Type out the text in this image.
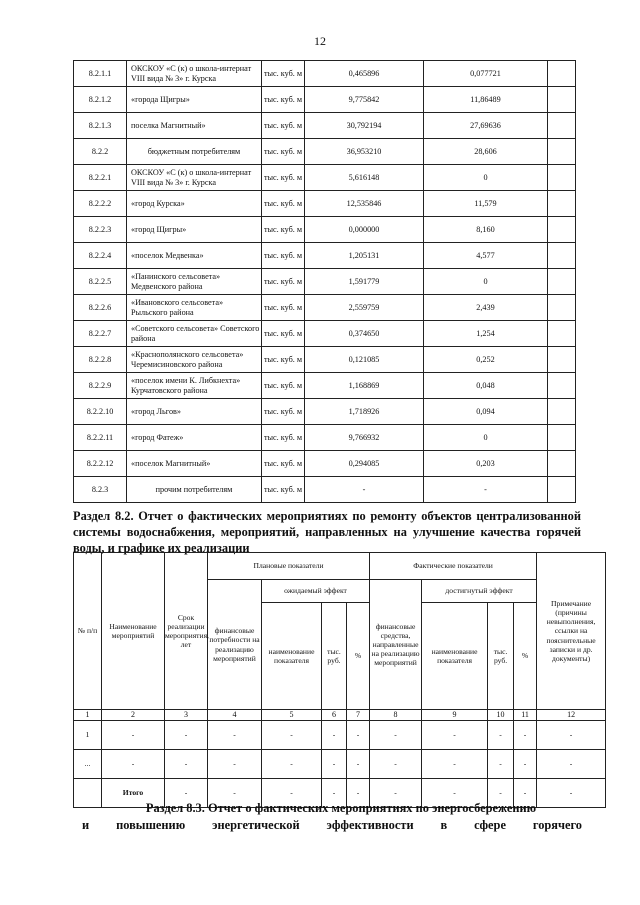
12
8.2.1.1	ОКСКОУ «С (к) о школа-интернат VIII вида № 3» г. Курска	тыс. куб. м	0,465896	0,077721	
8.2.1.2	«города Щигры»	тыс. куб. м	9,775842	11,86489	
8.2.1.3	поселка Магнитный»	тыс. куб. м	30,792194	27,69636	
8.2.2	бюджетным потребителям	тыс. куб. м	36,953210	28,606	
8.2.2.1	ОКСКОУ «С (к) о школа-интернат VIII вида № 3» г. Курска	тыс. куб. м	5,616148	0	
8.2.2.2	«город Курска»	тыс. куб. м	12,535846	11,579	
8.2.2.3	«город Щигры»	тыс. куб. м	0,000000	8,160	
8.2.2.4	«поселок Медвенка»	тыс. куб. м	1,205131	4,577	
8.2.2.5	«Панинского сельсовета» Медвенского района	тыс. куб. м	1,591779	0	
8.2.2.6	«Ивановского сельсовета» Рыльского района	тыс. куб. м	2,559759	2,439	
8.2.2.7	«Советского сельсовета» Советского района	тыс. куб. м	0,374650	1,254	
8.2.2.8	«Краснополянского сельсовета» Черемисиновского района	тыс. куб. м	0,121085	0,252	
8.2.2.9	«поселок имени К. Либкнехта» Курчатовского района	тыс. куб. м	1,168869	0,048	
8.2.2.10	«город Льгов»	тыс. куб. м	1,718926	0,094	
8.2.2.11	«город Фатеж»	тыс. куб. м	9,766932	0	
8.2.2.12	«поселок Магнитный»	тыс. куб. м	0,294085	0,203	
8.2.3	прочим потребителям	тыс. куб. м	-	-	
Раздел 8.2. Отчет о фактических мероприятиях по ремонту объектов централизованной системы водоснабжения, мероприятий, направленных на улучшение качества горячей воды, и графике их реализации
№ п/п	Наименование мероприятий	Срок реализации мероприятия, лет	Плановые показатели				Фактические показатели				Примечание (причины невыполнения, ссылки на пояснительные записки и др. документы)
			финансовые потребности на реализацию мероприятий	ожидаемый эффект			финансовые средства, направленные на реализацию мероприятий	достигнутый эффект			
				наименование показателя	тыс. руб.	%		наименование показателя	тыс. руб.	%	
1	2	3	4	5	6	7	8	9	10	11	12
1	-	-	-	-	-	-	-	-	-	-	-
...	-	-	-	-	-	-	-	-	-	-	-
	Итого	-	-	-	-	-	-	-	-	-	-
Раздел 8.3. Отчет о фактических мероприятиях по энергосбережению
и повышению энергетической эффективности в сфере горячего
